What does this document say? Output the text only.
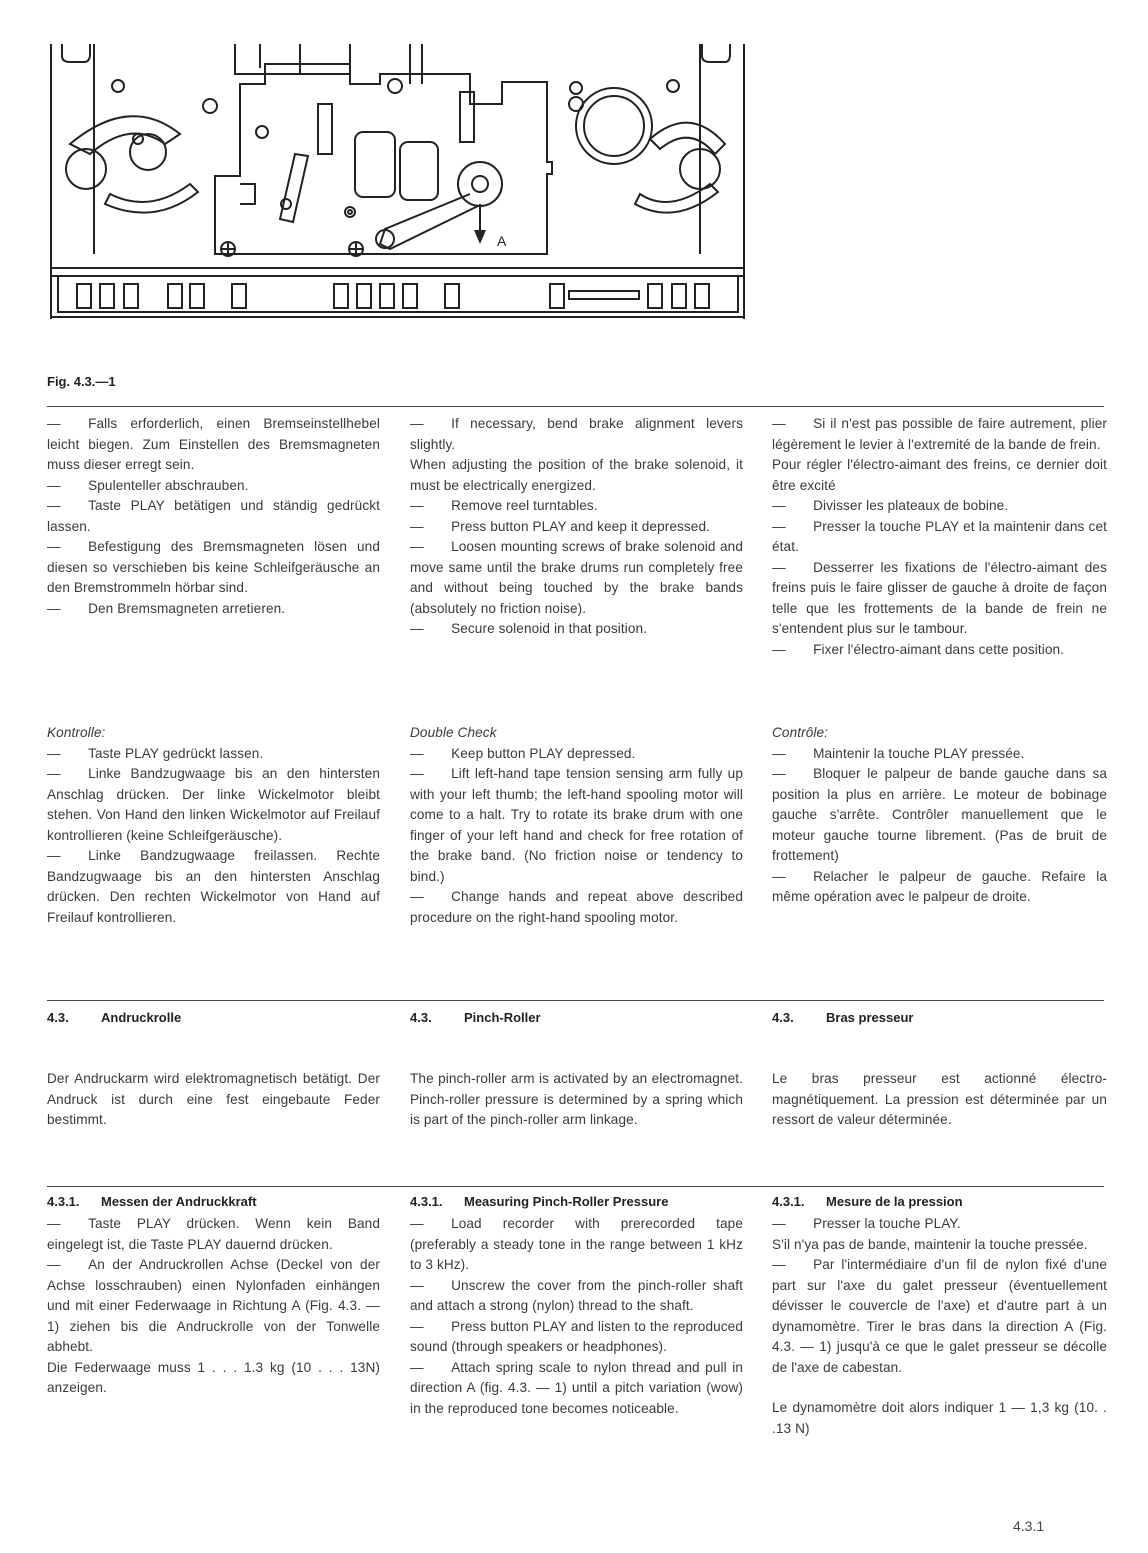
A
Fig. 4.3.—1

—  Falls erforderlich, einen Bremseinstellhebel leicht biegen. Zum Einstellen des Bremsmagneten muss dieser erregt sein.

—  Spulenteller abschrauben.

—  Taste PLAY betätigen und ständig gedrückt lassen.

—  Befestigung des Bremsmagneten lösen und diesen so verschieben bis keine Schleifgeräusche an den Bremstrommeln hörbar sind.

—  Den Bremsmagneten arretieren.

—  If necessary, bend brake alignment levers slightly.

When adjusting the position of the brake solenoid, it must be electrically energized.

—  Remove reel turntables.

—  Press button PLAY and keep it depressed.

—  Loosen mounting screws of brake solenoid and move same until the brake drums run completely free and without being touched by the brake bands (absolutely no friction noise).

—  Secure solenoid in that position.

—  Si il n'est pas possible de faire autrement, plier légèrement le levier à l'extremité de la bande de frein.

Pour régler l'électro-aimant des freins, ce dernier doit être excité

—  Divisser les plateaux de bobine.

—  Presser la touche PLAY et la maintenir dans cet état.

—  Desserrer les fixations de l'électro-aimant des freins puis le faire glisser de gauche à droite de façon telle que les frottements de la bande de frein ne s'entendent plus sur le tambour.

—  Fixer l'électro-aimant dans cette position.

Kontrolle:

—  Taste PLAY gedrückt lassen.

—  Linke Bandzugwaage bis an den hintersten Anschlag drücken. Der linke Wickelmotor bleibt stehen. Von Hand den linken Wickelmotor auf Freilauf kontrollieren (keine Schleifgeräusche).

—  Linke Bandzugwaage freilassen. Rechte Bandzugwaage bis an den hintersten Anschlag drücken. Den rechten Wickelmotor von Hand auf Freilauf kontrollieren.

Double Check

—  Keep button PLAY depressed.

—  Lift left-hand tape tension sensing arm fully up with your left thumb; the left-hand spooling motor will come to a halt. Try to rotate its brake drum with one finger of your left hand and check for free rotation of the brake band. (No friction noise or tendency to bind.)

—  Change hands and repeat above described procedure on the right-hand spooling motor.

Contrôle:

—  Maintenir la touche PLAY pressée.

—  Bloquer le palpeur de bande gauche dans sa position la plus en arrière. Le moteur de bobinage gauche s'arrête. Contrôler manuellement que le moteur gauche tourne librement. (Pas de bruit de frottement)

—  Relacher le palpeur de gauche. Refaire la même opération avec le palpeur de droite.

4.3. Andruckrolle	4.3. Pinch-Roller	4.3. Bras presseur

Der Andruckarm wird elektromagnetisch betätigt. Der Andruck ist durch eine fest eingebaute Feder bestimmt.

The pinch-roller arm is activated by an electromagnet. Pinch-roller pressure is determined by a spring which is part of the pinch-roller arm linkage.

Le bras presseur est actionné électro-magnétiquement. La pression est déterminée par un ressort de valeur déterminée.

4.3.1. Messen der Andruckkraft	4.3.1. Measuring Pinch-Roller Pressure	4.3.1. Mesure de la pression

—  Taste PLAY drücken. Wenn kein Band eingelegt ist, die Taste PLAY dauernd drücken.

—  An der Andruckrollen Achse (Deckel von der Achse losschrauben) einen Nylonfaden einhängen und mit einer Federwaage in Richtung A (Fig. 4.3. — 1) ziehen bis die Andruckrolle von der Tonwelle abhebt.

Die Federwaage muss 1 . . . 1.3 kg (10 . . . 13N) anzeigen.

—  Load recorder with prerecorded tape (preferably a steady tone in the range between 1 kHz to 3 kHz).

—  Unscrew the cover from the pinch-roller shaft and attach a strong (nylon) thread to the shaft.

—  Press button PLAY and listen to the reproduced sound (through speakers or headphones).

—  Attach spring scale to nylon thread and pull in direction A (fig. 4.3. — 1) until a pitch variation (wow) in the reproduced tone becomes noticeable.

—  Presser la touche PLAY.

S'il n'ya pas de bande, maintenir la touche pressée.

—  Par l'intermédiaire d'un fil de nylon fixé d'une part sur l'axe du galet presseur (éventuellement dévisser le couvercle de l'axe) et d'autre part à un dynamomètre. Tirer le bras dans la direction A (Fig. 4.3. — 1) jusqu'à ce que le galet presseur se décolle de l'axe de cabestan.

Le dynamomètre doit alors indiquer 1 — 1,3 kg (10. . .13 N)

4.3.1
